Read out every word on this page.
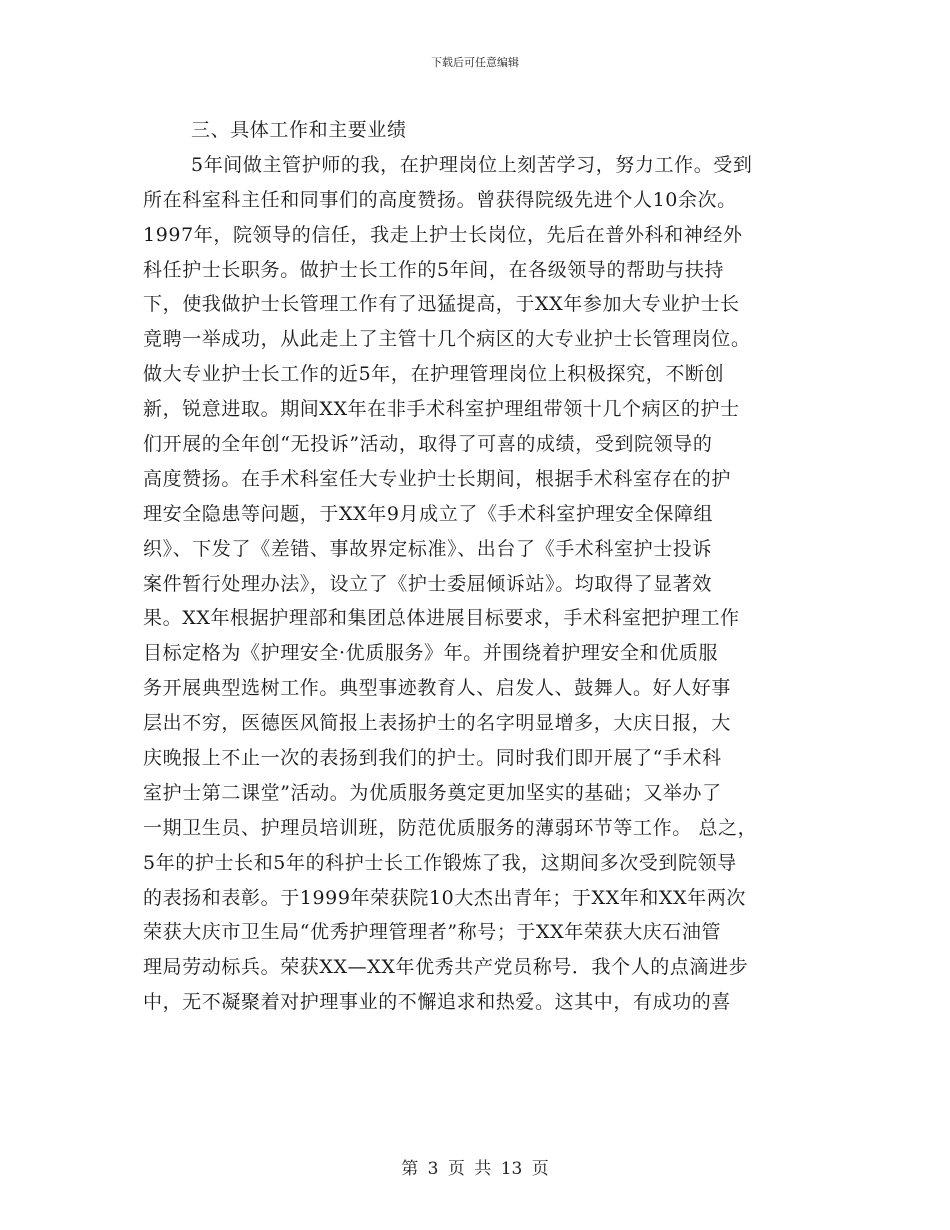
下载后可任意编辑
三、具体工作和主要业绩
5年间做主管护师的我，在护理岗位上刻苦学习，努力工作。受到
所在科室科主任和同事们的高度赞扬。曾获得院级先进个人10余次。
1997年，院领导的信任，我走上护士长岗位，先后在普外科和神经外
科任护士长职务。做护士长工作的5年间，在各级领导的帮助与扶持
下，使我做护士长管理工作有了迅猛提高，于XX年参加大专业护士长
竟聘一举成功，从此走上了主管十几个病区的大专业护士长管理岗位。
做大专业护士长工作的近5年，在护理管理岗位上积极探究，不断创
新，锐意进取。期间XX年在非手术科室护理组带领十几个病区的护士
们开展的全年创“无投诉”活动，取得了可喜的成绩，受到院领导的
高度赞扬。在手术科室任大专业护士长期间，根据手术科室存在的护
理安全隐患等问题，于XX年9月成立了《手术科室护理安全保障组
织》、下发了《差错、事故界定标准》、出台了《手术科室护士投诉
案件暂行处理办法》，设立了《护士委屈倾诉站》。均取得了显著效
果。XX年根据护理部和集团总体进展目标要求，手术科室把护理工作
目标定格为《护理安全·优质服务》年。并围绕着护理安全和优质服
务开展典型选树工作。典型事迹教育人、启发人、鼓舞人。好人好事
层出不穷，医德医风简报上表扬护士的名字明显增多，大庆日报，大
庆晚报上不止一次的表扬到我们的护士。同时我们即开展了“手术科
室护士第二课堂”活动。为优质服务奠定更加坚实的基础；又举办了
一期卫生员、护理员培训班，防范优质服务的薄弱环节等工作。 总之，
5年的护士长和5年的科护士长工作锻炼了我，这期间多次受到院领导
的表扬和表彰。于1999年荣获院10大杰出青年；于XX年和XX年两次
荣获大庆市卫生局“优秀护理管理者”称号；于XX年荣获大庆石油管
理局劳动标兵。荣获XX—XX年优秀共产党员称号．我个人的点滴进步
中，无不凝聚着对护理事业的不懈追求和热爱。这其中，有成功的喜
第 3 页 共 13 页
